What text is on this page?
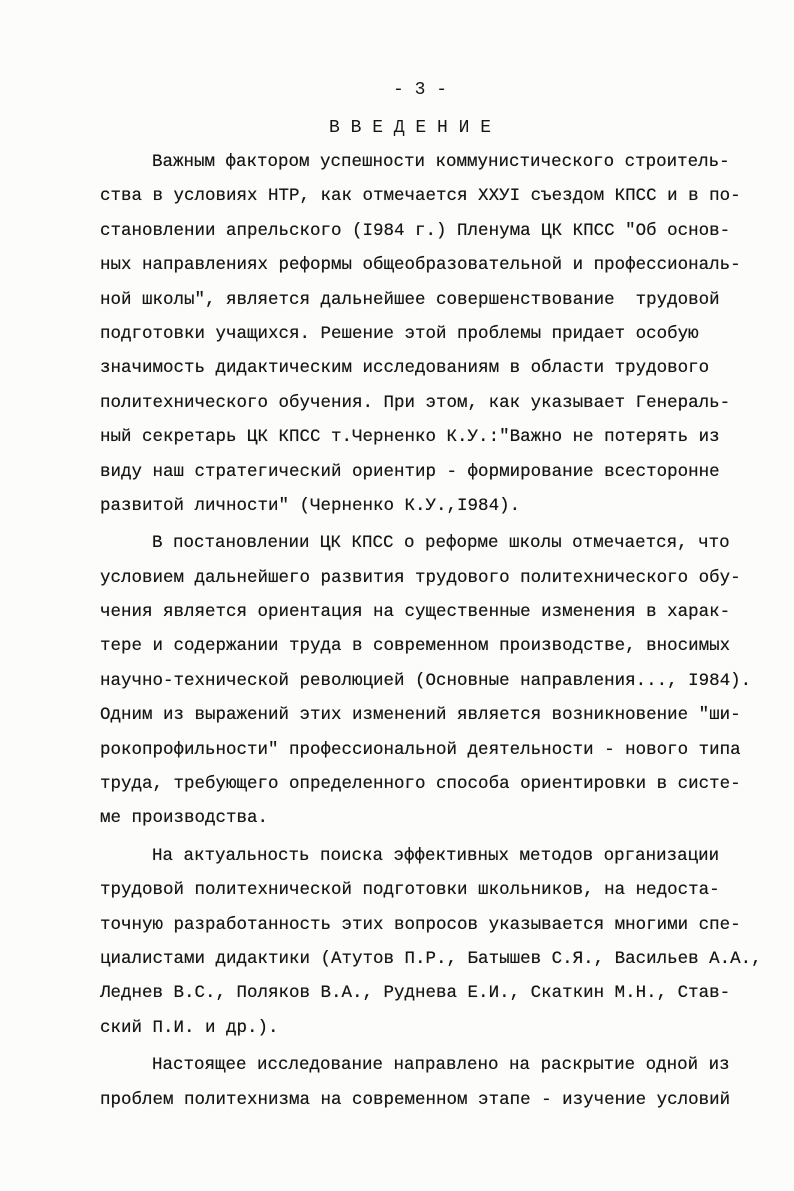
- 3 -
В В Е Д Е Н И Е
Важным фактором успешности коммунистического строитель-
ства в условиях НТР, как отмечается ХХУI съездом КПСС и в по-
становлении апрельского (I984 г.) Пленума ЦК КПСС "Об основ-
ных направлениях реформы общеобразовательной и профессиональ-
ной школы", является дальнейшее совершенствование  трудовой
подготовки учащихся. Решение этой проблемы придает особую
значимость дидактическим исследованиям в области трудового
политехнического обучения. При этом, как указывает Генераль-
ный секретарь ЦК КПСС т.Черненко К.У.:"Важно не потерять из
виду наш стратегический ориентир - формирование всесторонне
развитой личности" (Черненко К.У.,I984).
В постановлении ЦК КПСС о реформе школы отмечается, что
условием дальнейшего развития трудового политехнического обу-
чения является ориентация на существенные изменения в харак-
тере и содержании труда в современном производстве, вносимых
научно-технической революцией (Основные направления..., I984).
Одним из выражений этих изменений является возникновение "ши-
рокопрофильности" профессиональной деятельности - нового типа
труда, требующего определенного способа ориентировки в систе-
ме производства.
На актуальность поиска эффективных методов организации
трудовой политехнической подготовки школьников, на недоста-
точную разработанность этих вопросов указывается многими спе-
циалистами дидактики (Атутов П.Р., Батышев С.Я., Васильев А.А.,
Леднев В.С., Поляков В.А., Руднева Е.И., Скаткин М.Н., Став-
ский П.И. и др.).
Настоящее исследование направлено на раскрытие одной из
проблем политехнизма на современном этапе - изучение условий
